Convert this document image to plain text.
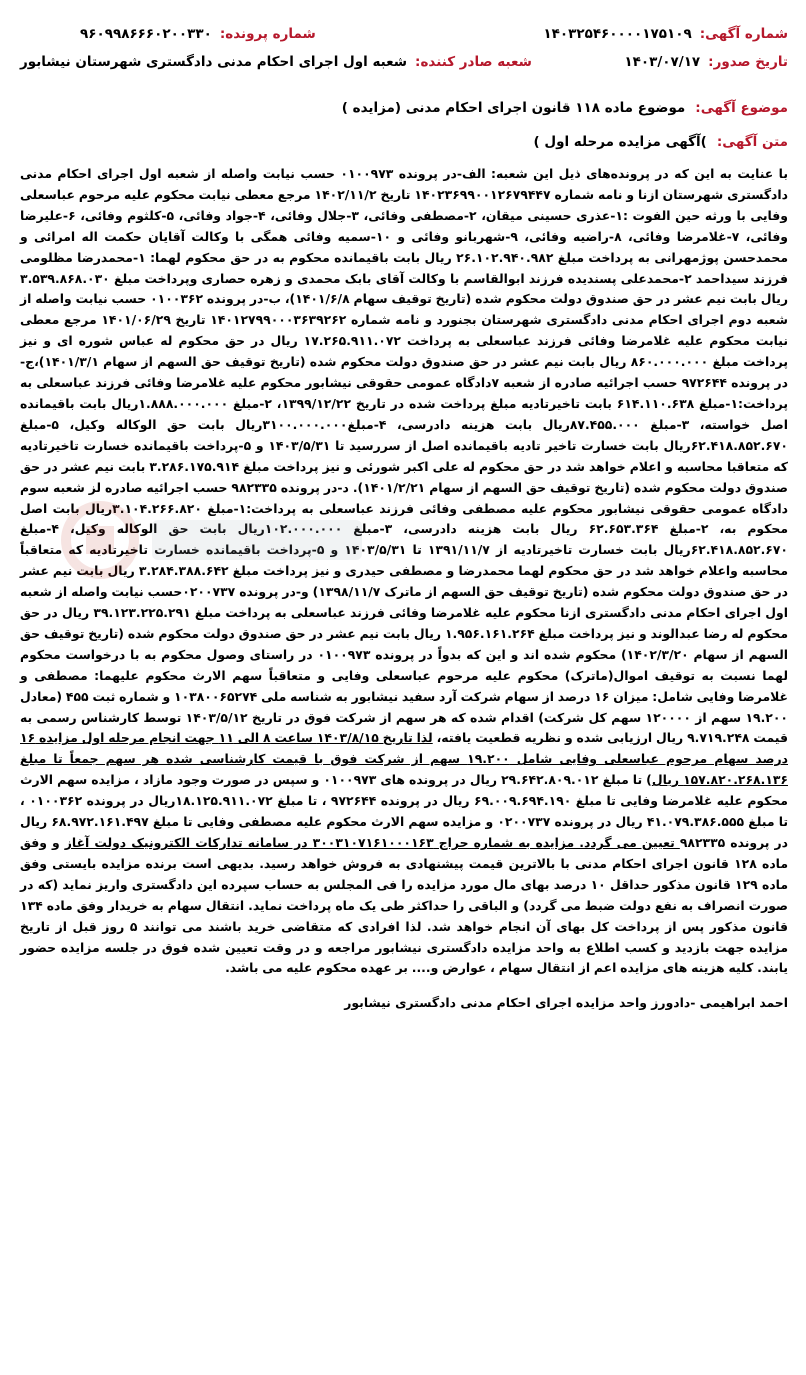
شماره آگهی:
۱۴۰۳۲۵۴۶۰۰۰۰۱۷۵۱۰۹
شماره پرونده:
۹۶۰۹۹۸۶۶۶۰۲۰۰۳۳۰
تاریخ صدور:
۱۴۰۳/۰۷/۱۷
شعبه صادر کننده:
شعبه اول اجرای احکام مدنی دادگستری شهرستان نیشابور
موضوع آگهی:
موضوع ماده ۱۱۸ قانون اجرای احکام مدنی (مزایده )
متن آگهی:
)آگهی مزایده مرحله اول )
با عنایت به این که در پرونده‌های ذیل این شعبه: الف-در پرونده ۰۱۰۰۹۷۳ حسب نیابت واصله از شعبه اول اجرای احکام مدنی دادگستری شهرستان ازنا و نامه شماره ۱۴۰۲۳۶۹۹۰۰۱۲۶۷۹۴۴۷ تاریخ ۱۴۰۲/۱۱/۲ مرجع معطی نیابت محکوم علیه مرحوم عباسعلی وفایی با ورثه حین الفوت :۱-عذری حسینی میقان، ۲-مصطفی وفائی، ۳-جلال وفائی، ۴-جواد وفائی، ۵-کلثوم وفائی، ۶-علیرضا وفائی، ۷-غلامرضا وفائی، ۸-راضیه وفائی، ۹-شهربانو وفائی و ۱۰-سمیه وفائی همگی با وکالت آقایان حکمت اله امرائی و محمدحسن پوژمهرانی به پرداخت مبلغ ۲۶.۱۰۲.۹۴۰.۹۸۲ ریال بابت باقیمانده محکوم به در حق محکوم لهما: ۱-محمدرضا مظلومی فرزند سیداحمد ۲-محمدعلی پسندیده فرزند ابوالقاسم با وکالت آقای بابک محمدی و زهره حصاری وپرداخت مبلغ ۳.۵۳۹.۸۶۸.۰۳۰ ریال بابت نیم عشر در حق صندوق دولت محکوم شده (تاریخ توقیف سهام ۱۴۰۱/۶/۸)، ب-در پرونده ۰۱۰۰۳۶۲ حسب نیابت واصله از شعبه دوم اجرای احکام مدنی دادگستری شهرستان بجنورد و نامه شماره ۱۴۰۱۲۷۹۹۰۰۰۳۶۳۹۲۶۲ تاریخ ۱۴۰۱/۰۶/۲۹ مرجع معطی نیابت محکوم علیه غلامرضا وفائی فرزند عباسعلی به پرداخت ۱۷.۲۶۵.۹۱۱.۰۷۲ ریال در حق محکوم له عباس شوره ای و نیز پرداخت مبلغ ۸۶۰.۰۰۰.۰۰۰ ریال بابت نیم عشر در حق صندوق دولت محکوم شده (تاریخ توقیف حق السهم از سهام ۱۴۰۱/۳/۱)،ج-در پرونده ۹۷۲۶۴۴ حسب اجرائیه صادره از شعبه ۷دادگاه عمومی حقوقی نیشابور محکوم علیه غلامرضا وفائی فرزند عباسعلی به پرداخت:۱-مبلغ ۶۱۴.۱۱۰.۶۳۸ بابت تاخیرتادیه مبلغ پرداخت شده در تاریخ ۱۳۹۹/۱۲/۲۲، ۲-مبلغ ۱.۸۸۸.۰۰۰.۰۰۰ریال بابت باقیمانده اصل خواسته، ۳-مبلغ ۸۷.۴۵۵.۰۰۰ریال بابت هزینه دادرسی، ۴-مبلغ۳۱۰۰.۰۰۰.۰۰۰ریال بابت حق الوکاله وکیل، ۵-مبلغ ۶۲.۴۱۸.۸۵۲.۶۷۰ریال بابت خسارت تاخیر تادیه باقیمانده اصل از سررسید تا ۱۴۰۳/۵/۳۱ و ۵-پرداخت باقیمانده خسارت تاخیرتادیه که متعاقبا محاسبه و اعلام خواهد شد در حق محکوم له علی اکبر شورئی و نیز پرداخت مبلغ ۳.۲۸۶.۱۷۵.۹۱۴ بابت نیم عشر در حق صندوق دولت محکوم شده (تاریخ توقیف حق السهم از سهام ۱۴۰۱/۲/۲۱). د-در پرونده ۹۸۲۳۳۵ حسب اجرائیه صادره لز شعبه سوم دادگاه عمومی حقوقی نیشابور محکوم علیه مصطفی وفائی فرزند عباسعلی به پرداخت:۱-مبلغ ۳.۱۰۴.۲۶۶.۸۲۰ریال بابت اصل محکوم به، ۲-مبلغ ۶۲.۶۵۳.۳۶۴ ریال بابت هزینه دادرسی، ۳-مبلغ ۱۰۲.۰۰۰.۰۰۰ریال بابت حق الوکاله وکیل، ۴-مبلغ ۶۲.۴۱۸.۸۵۲.۶۷۰ریال بابت خسارت تاخیرتادیه از ۱۳۹۱/۱۱/۷ تا ۱۴۰۳/۵/۳۱ و ۵-پرداخت باقیمانده خسارت تاخیرتادیه که متعاقباً محاسبه واعلام خواهد شد در حق محکوم لهما محمدرضا و مصطفی حیدری و نیز پرداخت مبلغ ۳.۲۸۴.۳۸۸.۶۴۲ ریال بابت نیم عشر در حق صندوق دولت محکوم شده (تاریخ توقیف حق السهم از ماترک ۱۳۹۸/۱۱/۷) و-در پرونده ۰۲۰۰۷۳۷حسب نیابت واصله از شعبه اول اجرای احکام مدنی دادگستری ازنا محکوم علیه غلامرضا وفائی فرزند عباسعلی به پرداخت مبلغ ۳۹.۱۲۳.۲۲۵.۲۹۱ ریال در حق محکوم له رضا عبدالوند و نیز پرداخت مبلغ ۱.۹۵۶.۱۶۱.۲۶۴ ریال بابت نیم عشر در حق صندوق دولت محکوم شده (تاریخ توقیف حق السهم از سهام ۱۴۰۲/۳/۲۰) محکوم شده اند و این که بدواً در پرونده ۰۱۰۰۹۷۳ در راستای وصول محکوم به با درخواست محکوم لهما نسبت به توقیف اموال(ماترک) محکوم علیه مرحوم عباسعلی وفایی و متعاقباً سهم الارث محکوم علیهما: مصطفی و غلامرضا وفایی شامل: میزان ۱۶ درصد از سهام شرکت آرد سفید نیشابور به شناسه ملی ۱۰۳۸۰۰۶۵۲۷۴ و شماره ثبت ۴۵۵ (معادل ۱۹.۲۰۰ سهم از ۱۲۰۰۰۰ سهم کل شرکت) اقدام شده که هر سهم از شرکت فوق در تاریخ ۱۴۰۳/۵/۱۲ توسط کارشناس رسمی به قیمت ۹.۷۱۹.۲۴۸ ریال ارزیابی شده و نظریه قطعیت یافته، لذا تاریخ ۱۴۰۳/۸/۱۵ ساعت ۸ الی ۱۱ جهت انجام مرحله اول مزایده ۱۶ درصد سهام مرحوم عباسعلی وفایی شامل ۱۹.۲۰۰ سهم از شرکت فوق با قیمت کارشناسی شده هر سهم جمعاً تا مبلغ ۱۵۷.۸۲۰.۲۶۸.۱۳۶ ریال) تا مبلغ ۲۹.۶۴۲.۸۰۹.۰۱۲ ریال در پرونده های ۰۱۰۰۹۷۳ و سپس در صورت وجود مازاد ، مزایده سهم الارث محکوم علیه غلامرضا وفایی تا مبلغ ۶۹.۰۰۹.۶۹۴.۱۹۰ ریال در پرونده ۹۷۲۶۴۴ ، تا مبلغ ۱۸.۱۲۵.۹۱۱.۰۷۲ریال در پرونده ۰۱۰۰۳۶۲ ، تا مبلغ ۴۱.۰۷۹.۳۸۶.۵۵۵ ریال در پرونده ۰۲۰۰۷۳۷ و مزایده سهم الارث محکوم علیه مصطفی وفایی تا مبلغ ۶۸.۹۷۲.۱۶۱.۴۹۷ ریال در پرونده ۹۸۲۳۳۵ تعیین می گردد. مزایده به شماره حراج ۳۰۰۳۱۰۷۱۶۱۰۰۰۱۶۳ در سامانه تدارکات الکترونیک دولت آغاز و وفق ماده ۱۲۸ قانون اجرای احکام مدنی با بالاترین قیمت پیشنهادی به فروش خواهد رسید. بدیهی است برنده مزایده بایستی وفق ماده ۱۲۹ قانون مذکور حداقل ۱۰ درصد بهای مال مورد مزایده را فی المجلس به حساب سپرده این دادگستری واریز نماید (که در صورت انصراف به نفع دولت ضبط می گردد) و الباقی را حداکثر طی یک ماه پرداخت نماید. انتقال سهام به خریدار وفق ماده ۱۳۴ قانون مذکور پس از پرداخت کل بهای آن انجام خواهد شد. لذا افرادی که متقاضی خرید باشند می توانند ۵ روز قبل از تاریخ مزایده جهت بازدید و کسب اطلاع به واحد مزایده دادگستری نیشابور مراجعه و در وقت تعیین شده فوق در جلسه مزایده حضور یابند. کلیه هزینه های مزایده اعم از انتقال سهام ، عوارض و.... بر عهده محکوم علیه می باشد.
احمد ابراهیمی -دادورز واحد مزایده اجرای احکام مدنی دادگستری نیشابور
